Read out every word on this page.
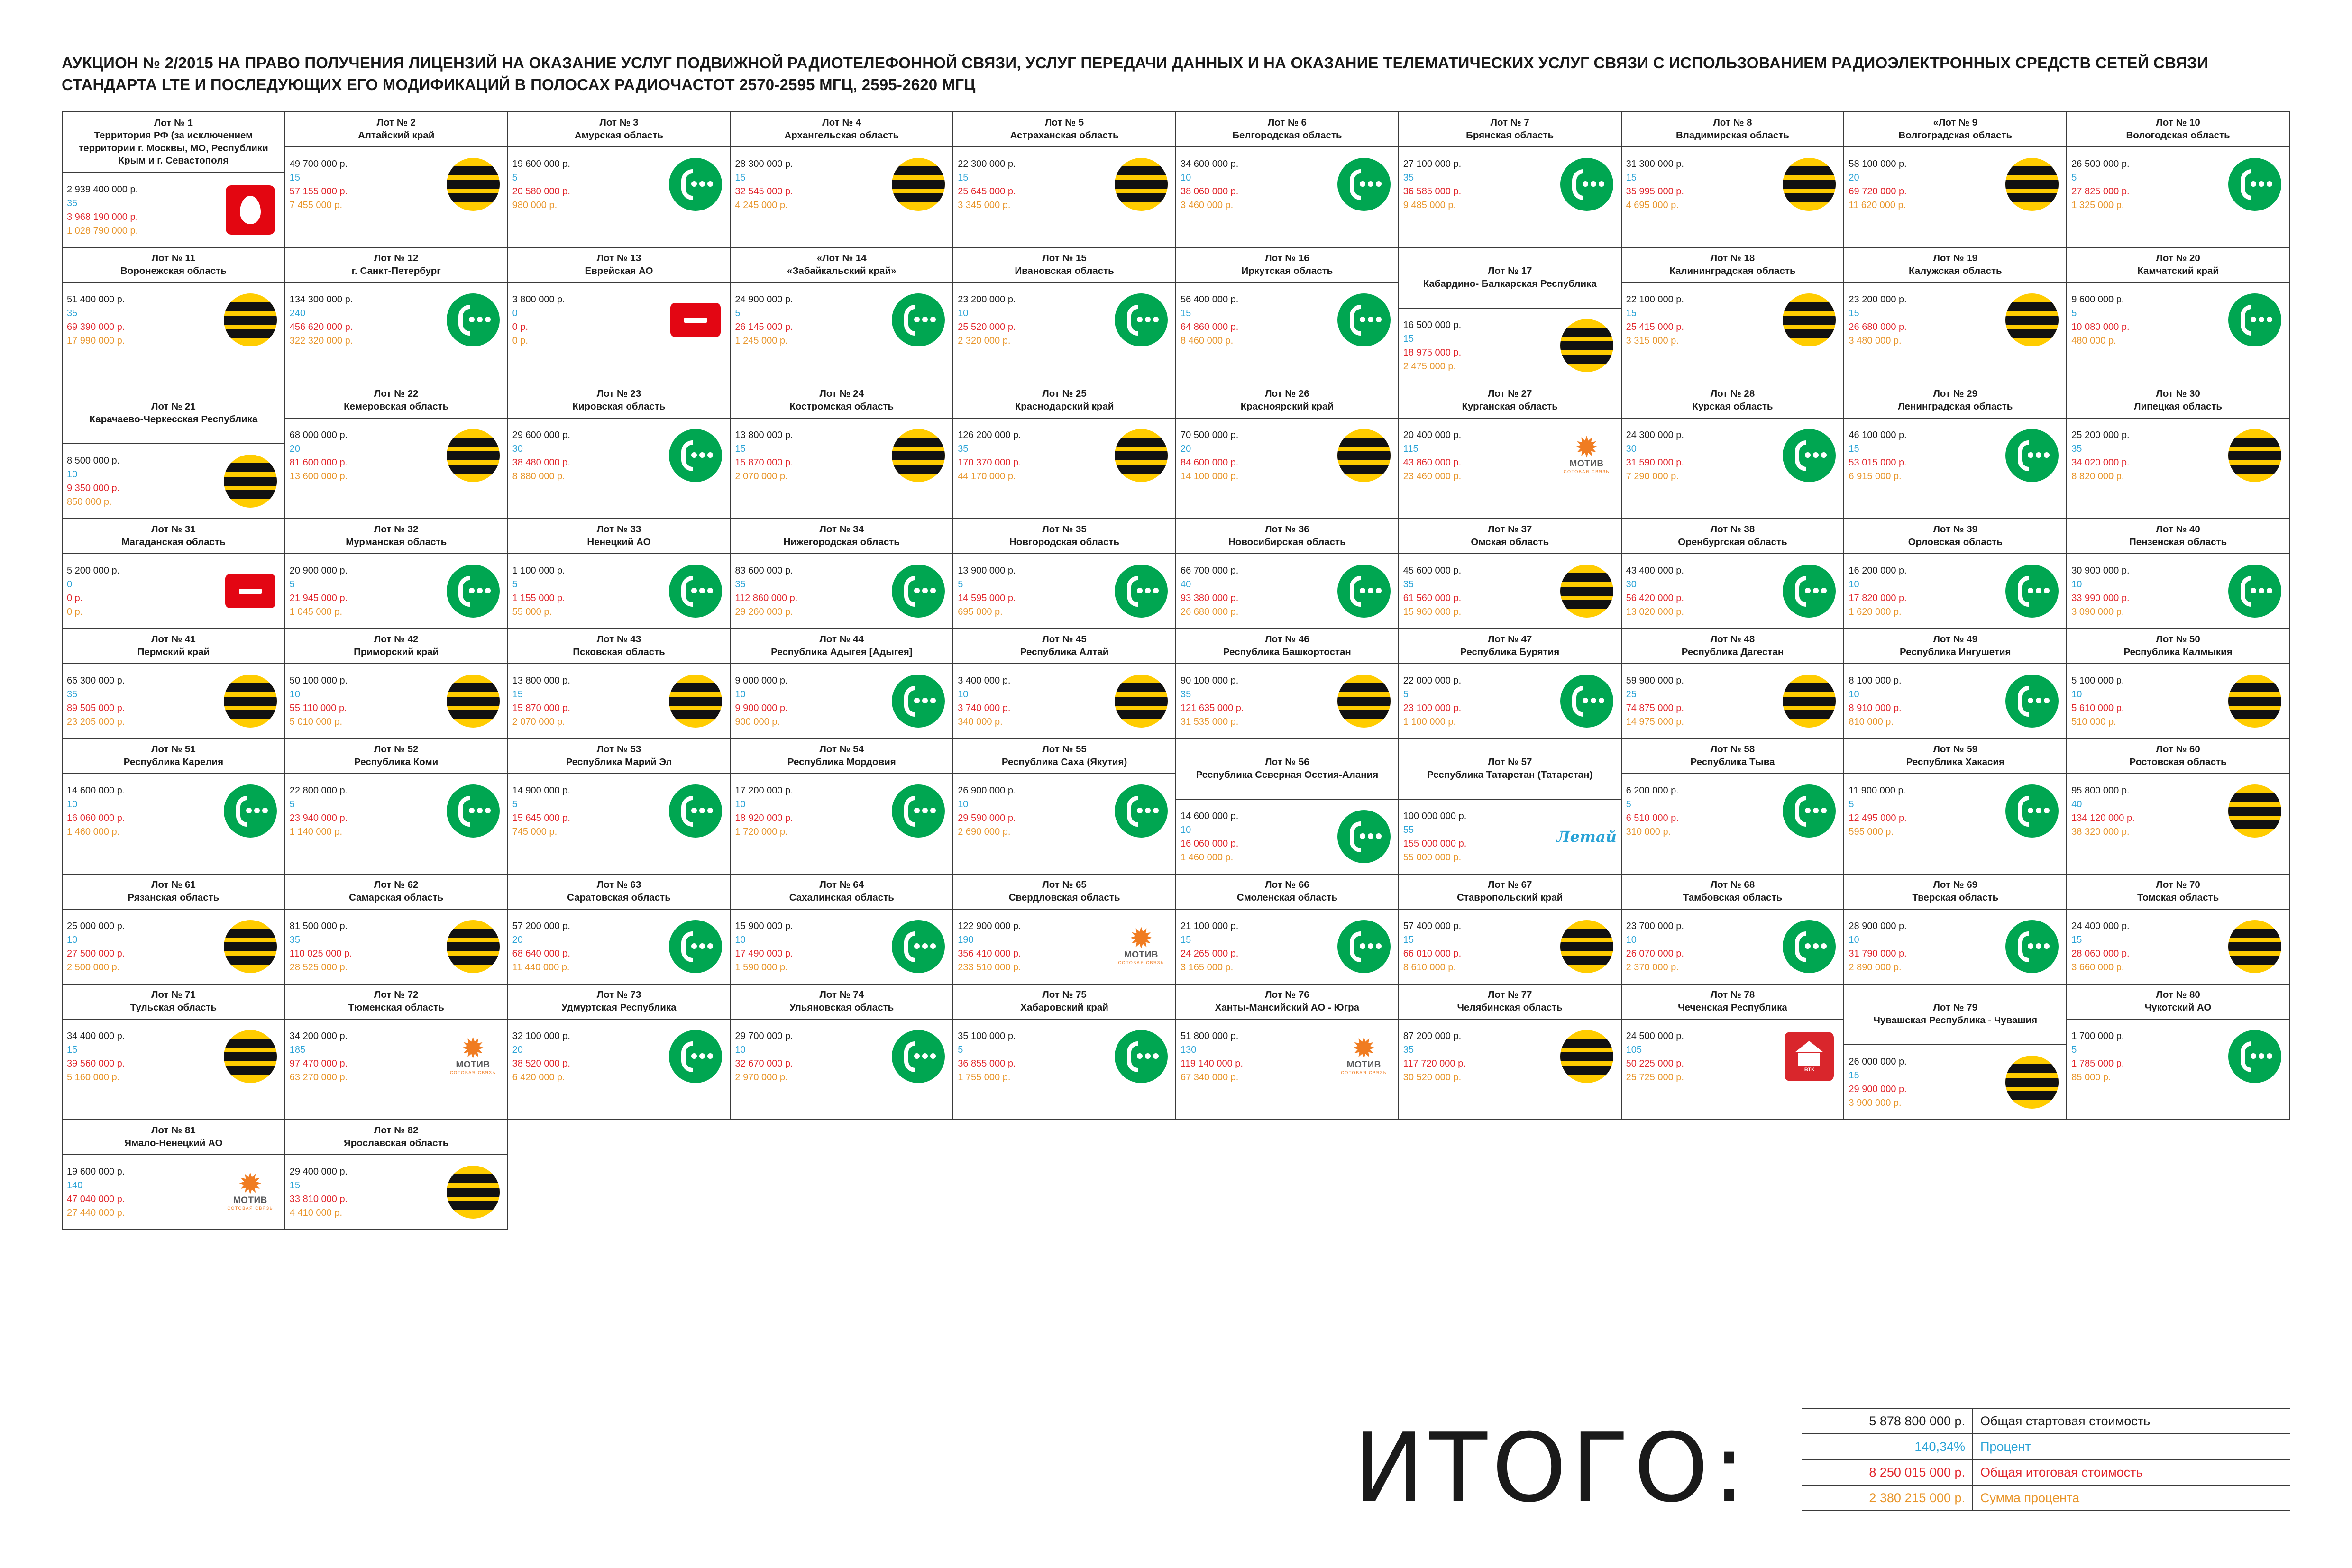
АУКЦИОН № 2/2015 НА ПРАВО ПОЛУЧЕНИЯ ЛИЦЕНЗИЙ НА ОКАЗАНИЕ УСЛУГ ПОДВИЖНОЙ РАДИОТЕЛЕФОННОЙ СВЯЗИ, УСЛУГ ПЕРЕДАЧИ ДАННЫХ И НА ОКАЗАНИЕ ТЕЛЕМАТИЧЕСКИХ УСЛУГ СВЯЗИ С ИСПОЛЬЗОВАНИЕМ РАДИОЭЛЕКТРОННЫХ СРЕДСТВ СЕТЕЙ СВЯЗИ СТАНДАРТА LTE И ПОСЛЕДУЮЩИХ ЕГО МОДИФИКАЦИЙ В ПОЛОСАХ РАДИОЧАСТОТ 2570-2595 МГЦ, 2595-2620 МГЦ
Лот № 1
Территория РФ (за исключением территории г. Москвы, МО, Республики Крым и г. Севастополя
2 939 400 000 р.
35
3 968 190 000 р.
1 028 790 000 р.
Лот № 2
Алтайский край
49 700 000 р.
15
57 155 000 р.
7 455 000 р.
Лот № 3
Амурская область
19 600 000 р.
5
20 580 000 р.
980 000 р.
Лот № 4
Архангельская область
28 300 000 р.
15
32 545 000 р.
4 245 000 р.
Лот № 5
Астраханская область
22 300 000 р.
15
25 645 000 р.
3 345 000 р.
Лот № 6
Белгородская область
34 600 000 р.
10
38 060 000 р.
3 460 000 р.
Лот № 7
Брянская область
27 100 000 р.
35
36 585 000 р.
9 485 000 р.
Лот № 8
Владимирская область
31 300 000 р.
15
35 995 000 р.
4 695 000 р.
«Лот № 9
Волгоградская область
58 100 000 р.
20
69 720 000 р.
11 620 000 р.
Лот № 10
Вологодская область
26 500 000 р.
5
27 825 000 р.
1 325 000 р.
Лот № 11
Воронежская область
51 400 000 р.
35
69 390 000 р.
17 990 000 р.
Лот № 12
г. Санкт-Петербург
134 300 000 р.
240
456 620 000 р.
322 320 000 р.
Лот № 13
Еврейская АО
3 800 000 р.
0
0 р.
0 р.
«Лот № 14
«Забайкальский край»
24 900 000 р.
5
26 145 000 р.
1 245 000 р.
Лот № 15
Ивановская область
23 200 000 р.
10
25 520 000 р.
2 320 000 р.
Лот № 16
Иркутская область
56 400 000 р.
15
64 860 000 р.
8 460 000 р.
Лот № 17
Кабардино- Балкарская Республика
16 500 000 р.
15
18 975 000 р.
2 475 000 р.
Лот № 18
Калининградская область
22 100 000 р.
15
25 415 000 р.
3 315 000 р.
Лот № 19
Калужская область
23 200 000 р.
15
26 680 000 р.
3 480 000 р.
Лот № 20
Камчатский край
9 600 000 р.
5
10 080 000 р.
480 000 р.
Лот № 21
Карачаево-Черкесская Республика
8 500 000 р.
10
9 350 000 р.
850 000 р.
Лот № 22
Кемеровская область
68 000 000 р.
20
81 600 000 р.
13 600 000 р.
Лот № 23
Кировская область
29 600 000 р.
30
38 480 000 р.
8 880 000 р.
Лот № 24
Костромская область
13 800 000 р.
15
15 870 000 р.
2 070 000 р.
Лот № 25
Краснодарский край
126 200 000 р.
35
170 370 000 р.
44 170 000 р.
Лот № 26
Красноярский край
70 500 000 р.
20
84 600 000 р.
14 100 000 р.
Лот № 27
Курганская область
20 400 000 р.
115
43 860 000 р.
23 460 000 р.
✹
МОТИВ
СОТОВАЯ СВЯЗЬ
Лот № 28
Курская область
24 300 000 р.
30
31 590 000 р.
7 290 000 р.
Лот № 29
Ленинградская область
46 100 000 р.
15
53 015 000 р.
6 915 000 р.
Лот № 30
Липецкая область
25 200 000 р.
35
34 020 000 р.
8 820 000 р.
Лот № 31
Магаданская область
5 200 000 р.
0
0 р.
0 р.
Лот № 32
Мурманская область
20 900 000 р.
5
21 945 000 р.
1 045 000 р.
Лот № 33
Ненецкий АО
1 100 000 р.
5
1 155 000 р.
55 000 р.
Лот № 34
Нижегородская область
83 600 000 р.
35
112 860 000 р.
29 260 000 р.
Лот № 35
Новгородская область
13 900 000 р.
5
14 595 000 р.
695 000 р.
Лот № 36
Новосибирская область
66 700 000 р.
40
93 380 000 р.
26 680 000 р.
Лот № 37
Омская область
45 600 000 р.
35
61 560 000 р.
15 960 000 р.
Лот № 38
Оренбургская область
43 400 000 р.
30
56 420 000 р.
13 020 000 р.
Лот № 39
Орловская область
16 200 000 р.
10
17 820 000 р.
1 620 000 р.
Лот № 40
Пензенская область
30 900 000 р.
10
33 990 000 р.
3 090 000 р.
Лот № 41
Пермский край
66 300 000 р.
35
89 505 000 р.
23 205 000 р.
Лот № 42
Приморский край
50 100 000 р.
10
55 110 000 р.
5 010 000 р.
Лот № 43
Псковская область
13 800 000 р.
15
15 870 000 р.
2 070 000 р.
Лот № 44
Республика Адыгея [Адыгея]
9 000 000 р.
10
9 900 000 р.
900 000 р.
Лот № 45
Республика Алтай
3 400 000 р.
10
3 740 000 р.
340 000 р.
Лот № 46
Республика Башкортостан
90 100 000 р.
35
121 635 000 р.
31 535 000 р.
Лот № 47
Республика Бурятия
22 000 000 р.
5
23 100 000 р.
1 100 000 р.
Лот № 48
Республика Дагестан
59 900 000 р.
25
74 875 000 р.
14 975 000 р.
Лот № 49
Республика Ингушетия
8 100 000 р.
10
8 910 000 р.
810 000 р.
Лот № 50
Республика Калмыкия
5 100 000 р.
10
5 610 000 р.
510 000 р.
Лот № 51
Республика Карелия
14 600 000 р.
10
16 060 000 р.
1 460 000 р.
Лот № 52
Республика Коми
22 800 000 р.
5
23 940 000 р.
1 140 000 р.
Лот № 53
Республика Марий Эл
14 900 000 р.
5
15 645 000 р.
745 000 р.
Лот № 54
Республика Мордовия
17 200 000 р.
10
18 920 000 р.
1 720 000 р.
Лот № 55
Республика Саха (Якутия)
26 900 000 р.
10
29 590 000 р.
2 690 000 р.
Лот № 56
Республика Северная Осетия-Алания
14 600 000 р.
10
16 060 000 р.
1 460 000 р.
Лот № 57
Республика Татарстан (Татарстан)
100 000 000 р.
55
155 000 000 р.
55 000 000 р.
Летай
Лот № 58
Республика Тыва
6 200 000 р.
5
6 510 000 р.
310 000 р.
Лот № 59
Республика Хакасия
11 900 000 р.
5
12 495 000 р.
595 000 р.
Лот № 60
Ростовская область
95 800 000 р.
40
134 120 000 р.
38 320 000 р.
Лот № 61
Рязанская область
25 000 000 р.
10
27 500 000 р.
2 500 000 р.
Лот № 62
Самарская область
81 500 000 р.
35
110 025 000 р.
28 525 000 р.
Лот № 63
Саратовская область
57 200 000 р.
20
68 640 000 р.
11 440 000 р.
Лот № 64
Сахалинская область
15 900 000 р.
10
17 490 000 р.
1 590 000 р.
Лот № 65
Свердловская область
122 900 000 р.
190
356 410 000 р.
233 510 000 р.
✹
МОТИВ
СОТОВАЯ СВЯЗЬ
Лот № 66
Смоленская область
21 100 000 р.
15
24 265 000 р.
3 165 000 р.
Лот № 67
Ставропольский край
57 400 000 р.
15
66 010 000 р.
8 610 000 р.
Лот № 68
Тамбовская область
23 700 000 р.
10
26 070 000 р.
2 370 000 р.
Лот № 69
Тверская область
28 900 000 р.
10
31 790 000 р.
2 890 000 р.
Лот № 70
Томская область
24 400 000 р.
15
28 060 000 р.
3 660 000 р.
Лот № 71
Тульская область
34 400 000 р.
15
39 560 000 р.
5 160 000 р.
Лот № 72
Тюменская область
34 200 000 р.
185
97 470 000 р.
63 270 000 р.
✹
МОТИВ
СОТОВАЯ СВЯЗЬ
Лот № 73
Удмуртская Республика
32 100 000 р.
20
38 520 000 р.
6 420 000 р.
Лот № 74
Ульяновская область
29 700 000 р.
10
32 670 000 р.
2 970 000 р.
Лот № 75
Хабаровский край
35 100 000 р.
5
36 855 000 р.
1 755 000 р.
Лот № 76
Ханты-Мансийский АО - Югра
51 800 000 р.
130
119 140 000 р.
67 340 000 р.
✹
МОТИВ
СОТОВАЯ СВЯЗЬ
Лот № 77
Челябинская область
87 200 000 р.
35
117 720 000 р.
30 520 000 р.
Лот № 78
Чеченская Республика
24 500 000 р.
105
50 225 000 р.
25 725 000 р.
ВТК
Лот № 79
Чувашская Республика - Чувашия
26 000 000 р.
15
29 900 000 р.
3 900 000 р.
Лот № 80
Чукотский АО
1 700 000 р.
5
1 785 000 р.
85 000 р.
Лот № 81
Ямало-Ненецкий АО
19 600 000 р.
140
47 040 000 р.
27 440 000 р.
✹
МОТИВ
СОТОВАЯ СВЯЗЬ
Лот № 82
Ярославская область
29 400 000 р.
15
33 810 000 р.
4 410 000 р.
ИТОГО:	5 878 800 000 р.	Общая стартовая стоимость
140,34%	Процент
8 250 015 000 р.	Общая итоговая стоимость
2 380 215 000 р.	Сумма процента
